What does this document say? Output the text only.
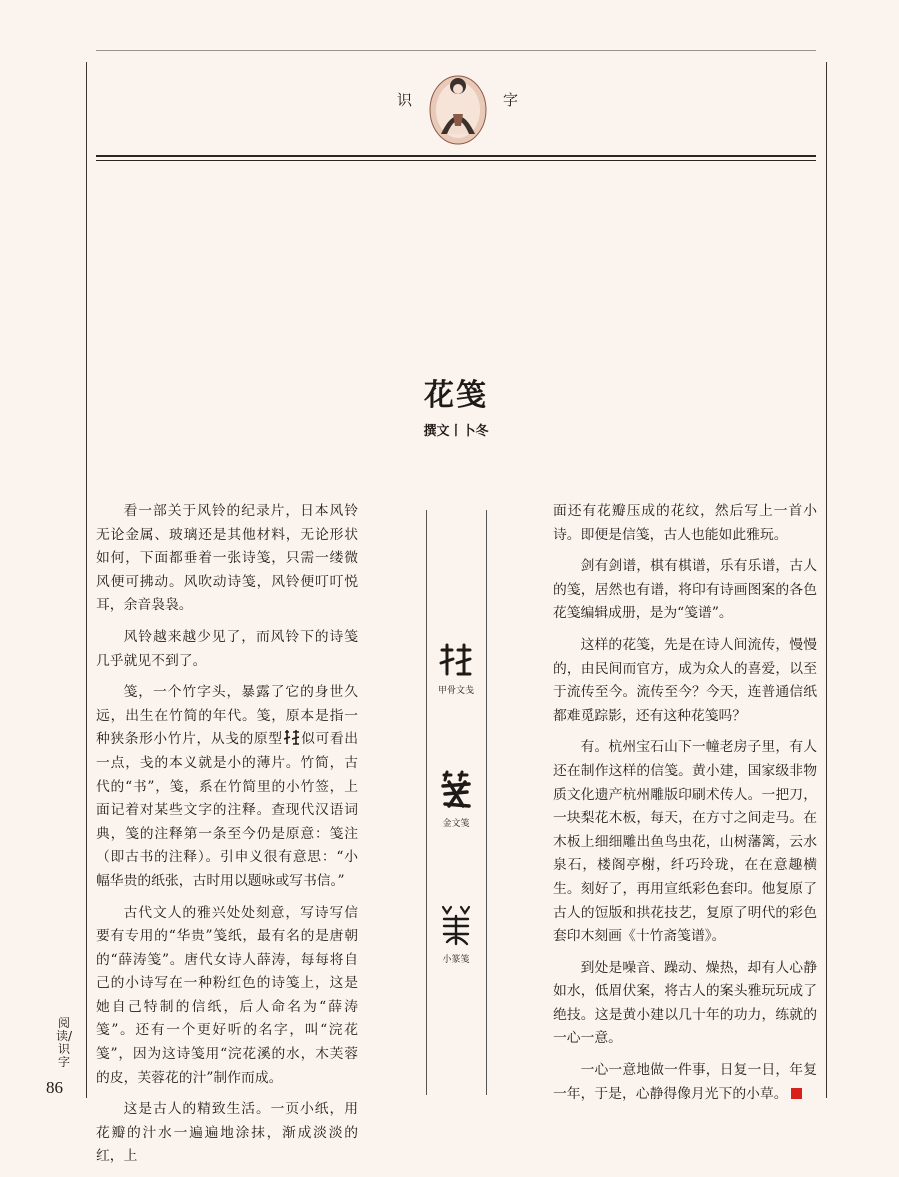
识	字
花笺
撰文丨卜冬

看一部关于风铃的纪录片，日本风铃无论金属、玻璃还是其他材料，无论形状如何，下面都垂着一张诗笺，只需一缕微风便可拂动。风吹动诗笺，风铃便叮叮悦耳，余音袅袅。

风铃越来越少见了，而风铃下的诗笺几乎就见不到了。

笺，一个竹字头，暴露了它的身世久远，出生在竹简的年代。笺，原本是指一种狭条形小竹片，从戋的原型 似可看出一点，戋的本义就是小的薄片。竹简，古代的“书”，笺，系在竹简里的小竹签，上面记着对某些文字的注释。查现代汉语词典，笺的注释第一条至今仍是原意：笺注（即古书的注释）。引申义很有意思：“小幅华贵的纸张，古时用以题咏或写书信。”

古代文人的雅兴处处刻意，写诗写信要有专用的“华贵”笺纸，最有名的是唐朝的“薛涛笺”。唐代女诗人薛涛，每每将自己的小诗写在一种粉红色的诗笺上，这是她自己特制的信纸，后人命名为“薛涛笺”。还有一个更好听的名字，叫“浣花笺”，因为这诗笺用“浣花溪的水，木芙蓉的皮，芙蓉花的汁”制作而成。

这是古人的精致生活。一页小纸，用花瓣的汁水一遍遍地涂抹，渐成淡淡的红，上

甲骨文戋
金文笺
小篆笺

面还有花瓣压成的花纹，然后写上一首小诗。即便是信笺，古人也能如此雅玩。

剑有剑谱，棋有棋谱，乐有乐谱，古人的笺，居然也有谱，将印有诗画图案的各色花笺编辑成册，是为“笺谱”。

这样的花笺，先是在诗人间流传，慢慢的，由民间而官方，成为众人的喜爱，以至于流传至今。流传至今？今天，连普通信纸都难觅踪影，还有这种花笺吗？

有。杭州宝石山下一幢老房子里，有人还在制作这样的信笺。黄小建，国家级非物质文化遗产杭州雕版印刷术传人。一把刀，一块梨花木板，每天，在方寸之间走马。在木板上细细雕出鱼鸟虫花，山树藩篱，云水泉石，楼阁亭榭，纤巧玲珑，在在意趣横生。刻好了，再用宣纸彩色套印。他复原了古人的饾版和拱花技艺，复原了明代的彩色套印木刻画《十竹斋笺谱》。

到处是噪音、躁动、燥热，却有人心静如水，低眉伏案，将古人的案头雅玩玩成了绝技。这是黄小建以几十年的功力，练就的一心一意。

一心一意地做一件事，日复一日，年复一年，于是，心静得像月光下的小草。

阅读/识字
86
